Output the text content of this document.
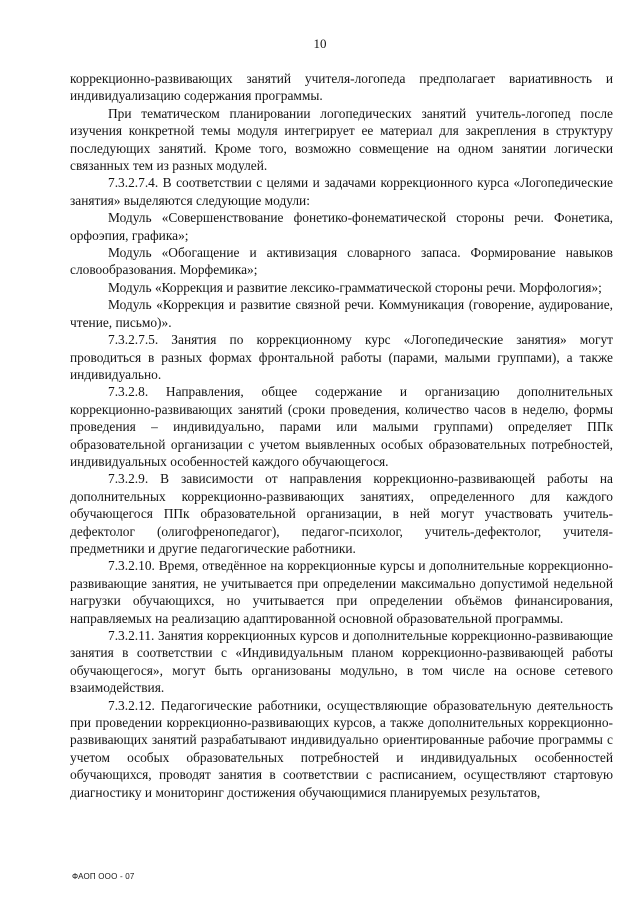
10

коррекционно-развивающих занятий учителя-логопеда предполагает вариативность и индивидуализацию содержания программы.

При тематическом планировании логопедических занятий учитель-логопед после изучения конкретной темы модуля интегрирует ее материал для закрепления в структуру последующих занятий. Кроме того, возможно совмещение на одном занятии логически связанных тем из разных модулей.

7.3.2.7.4. В соответствии с целями и задачами коррекционного курса «Логопедические занятия» выделяются следующие модули:

Модуль «Совершенствование фонетико-фонематической стороны речи. Фонетика, орфоэпия, графика»;

Модуль «Обогащение и активизация словарного запаса. Формирование навыков словообразования. Морфемика»;

Модуль «Коррекция и развитие лексико-грамматической стороны речи. Морфология»;

Модуль «Коррекция и развитие связной речи. Коммуникация (говорение, аудирование, чтение, письмо)».

7.3.2.7.5. Занятия по коррекционному курс «Логопедические занятия» могут проводиться в разных формах фронтальной работы (парами, малыми группами), а также индивидуально.

7.3.2.8. Направления, общее содержание и организацию дополнительных коррекционно-развивающих занятий (сроки проведения, количество часов в неделю, формы проведения – индивидуально, парами или малыми группами) определяет ППк образовательной организации с учетом выявленных особых образовательных потребностей, индивидуальных особенностей каждого обучающегося.

7.3.2.9. В зависимости от направления коррекционно-развивающей работы на дополнительных коррекционно-развивающих занятиях, определенного для каждого обучающегося ППк образовательной организации, в ней могут участвовать учитель-дефектолог (олигофренопедагог), педагог-психолог, учитель-дефектолог, учителя-предметники и другие педагогические работники.

7.3.2.10. Время, отведённое на коррекционные курсы и дополнительные коррекционно-развивающие занятия, не учитывается при определении максимально допустимой недельной нагрузки обучающихся, но учитывается при определении объёмов финансирования, направляемых на реализацию адаптированной основной образовательной программы.

7.3.2.11. Занятия коррекционных курсов и дополнительные коррекционно-развивающие занятия в соответствии с «Индивидуальным планом коррекционно-развивающей работы обучающегося», могут быть организованы модульно, в том числе на основе сетевого взаимодействия.

7.3.2.12. Педагогические работники, осуществляющие образовательную деятельность при проведении коррекционно-развивающих курсов, а также дополнительных коррекционно-развивающих занятий разрабатывают индивидуально ориентированные рабочие программы с учетом особых образовательных потребностей и индивидуальных особенностей обучающихся, проводят занятия в соответствии с расписанием, осуществляют стартовую диагностику и мониторинг достижения обучающимися планируемых результатов,

ФАОП ООО - 07
